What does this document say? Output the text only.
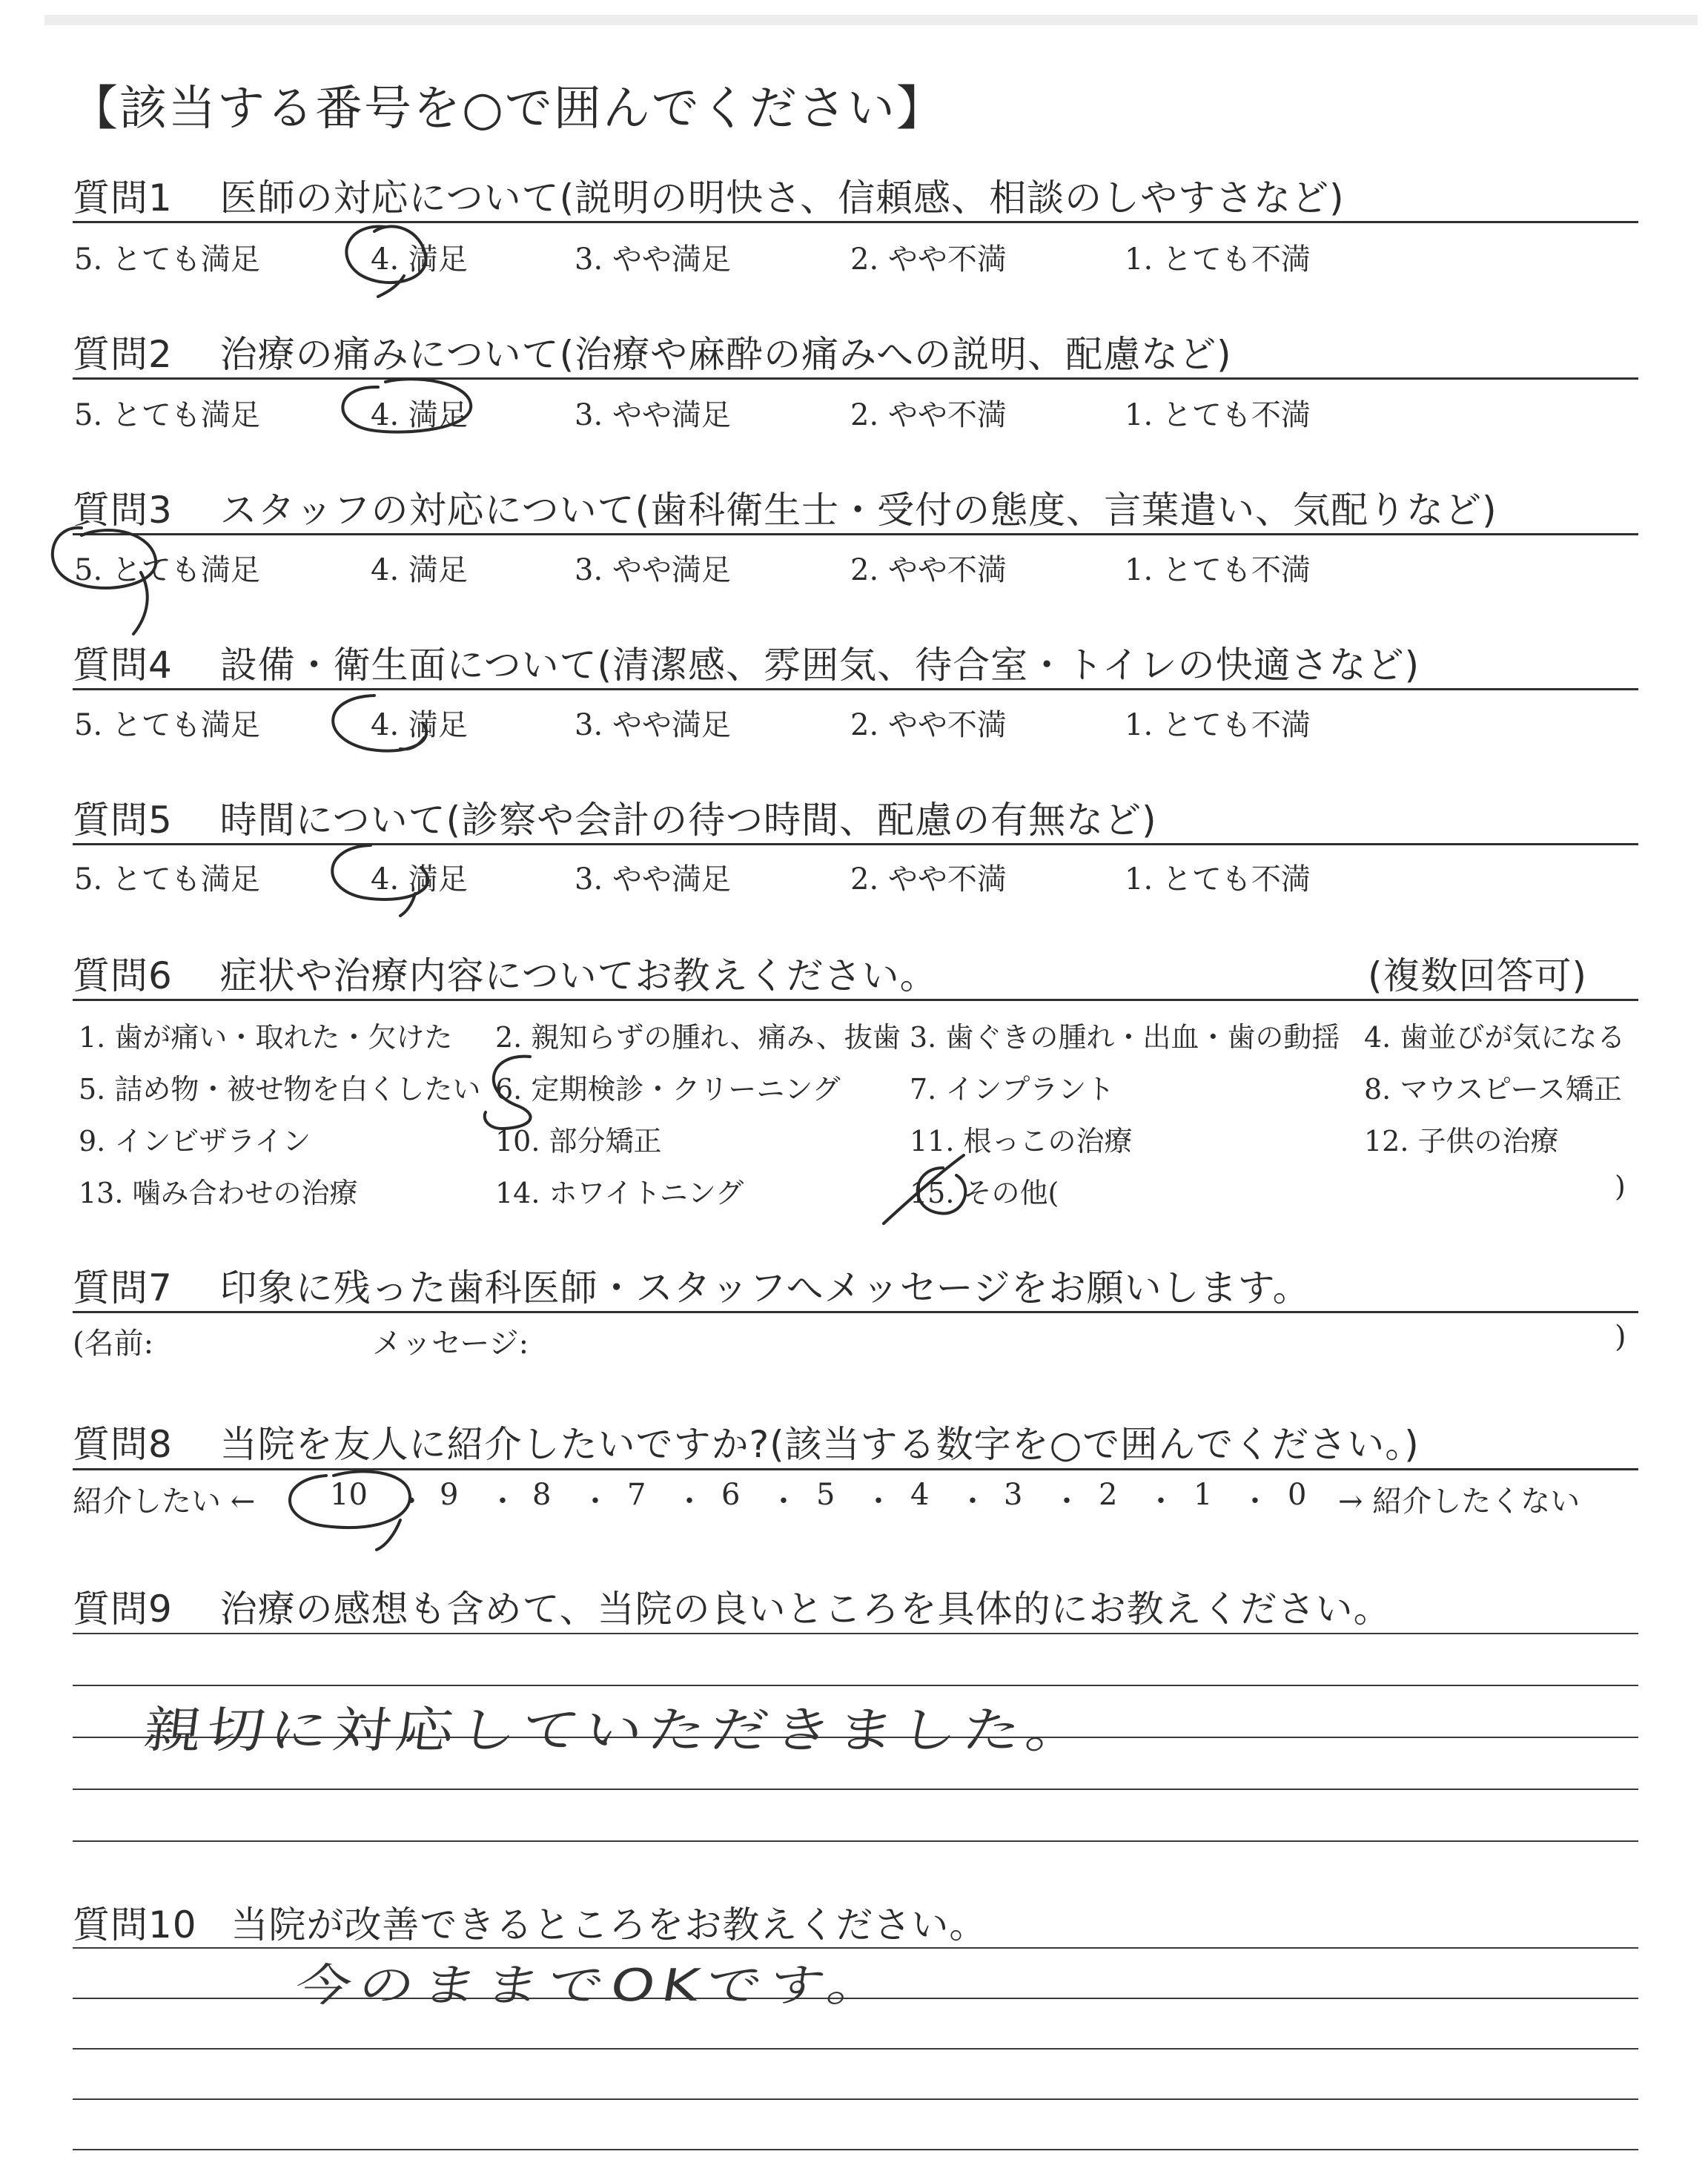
【該当する番号を○で囲んでください】
質問1 医師の対応について(説明の明快さ、信頼感、相談のしやすさなど)
5. とても満足	4. 満足	3. やや満足	2. やや不満	1. とても不満
質問2 治療の痛みについて(治療や麻酔の痛みへの説明、配慮など)
5. とても満足	4. 満足	3. やや満足	2. やや不満	1. とても不満
質問3 スタッフの対応について(歯科衛生士・受付の態度、言葉遣い、気配りなど)
5. とても満足	4. 満足	3. やや満足	2. やや不満	1. とても不満
質問4 設備・衛生面について(清潔感、雰囲気、待合室・トイレの快適さなど)
5. とても満足	4. 満足	3. やや満足	2. やや不満	1. とても不満
質問5 時間について(診察や会計の待つ時間、配慮の有無など)
5. とても満足	4. 満足	3. やや満足	2. やや不満	1. とても不満
質問6 症状や治療内容についてお教えください。	(複数回答可)
1. 歯が痛い・取れた・欠けた 2. 親知らずの腫れ、痛み、抜歯 3. 歯ぐきの腫れ・出血・歯の動揺 4. 歯並びが気になる
5. 詰め物・被せ物を白くしたい 6. 定期検診・クリーニング 7. インプラント	8. マウスピース矯正
9. インビザライン	10. 部分矯正	11. 根っこの治療	12. 子供の治療
13. 噛み合わせの治療	14. ホワイトニング	15. その他(	)
質問7 印象に残った歯科医師・スタッフへメッセージをお願いします。
(名前:	メッセージ:	)
質問8 当院を友人に紹介したいですか?(該当する数字を○で囲んでください。)
紹介したい ←	→ 紹介したくない
10 ・ 9 ・ 8 ・ 7 ・ 6 ・ 5 ・ 4 ・ 3 ・ 2 ・ 1 ・ 0
質問9 治療の感想も含めて、当院の良いところを具体的にお教えください。
親切に対応していただきました。
質問10 当院が改善できるところをお教えください。
今のままでOKです。
